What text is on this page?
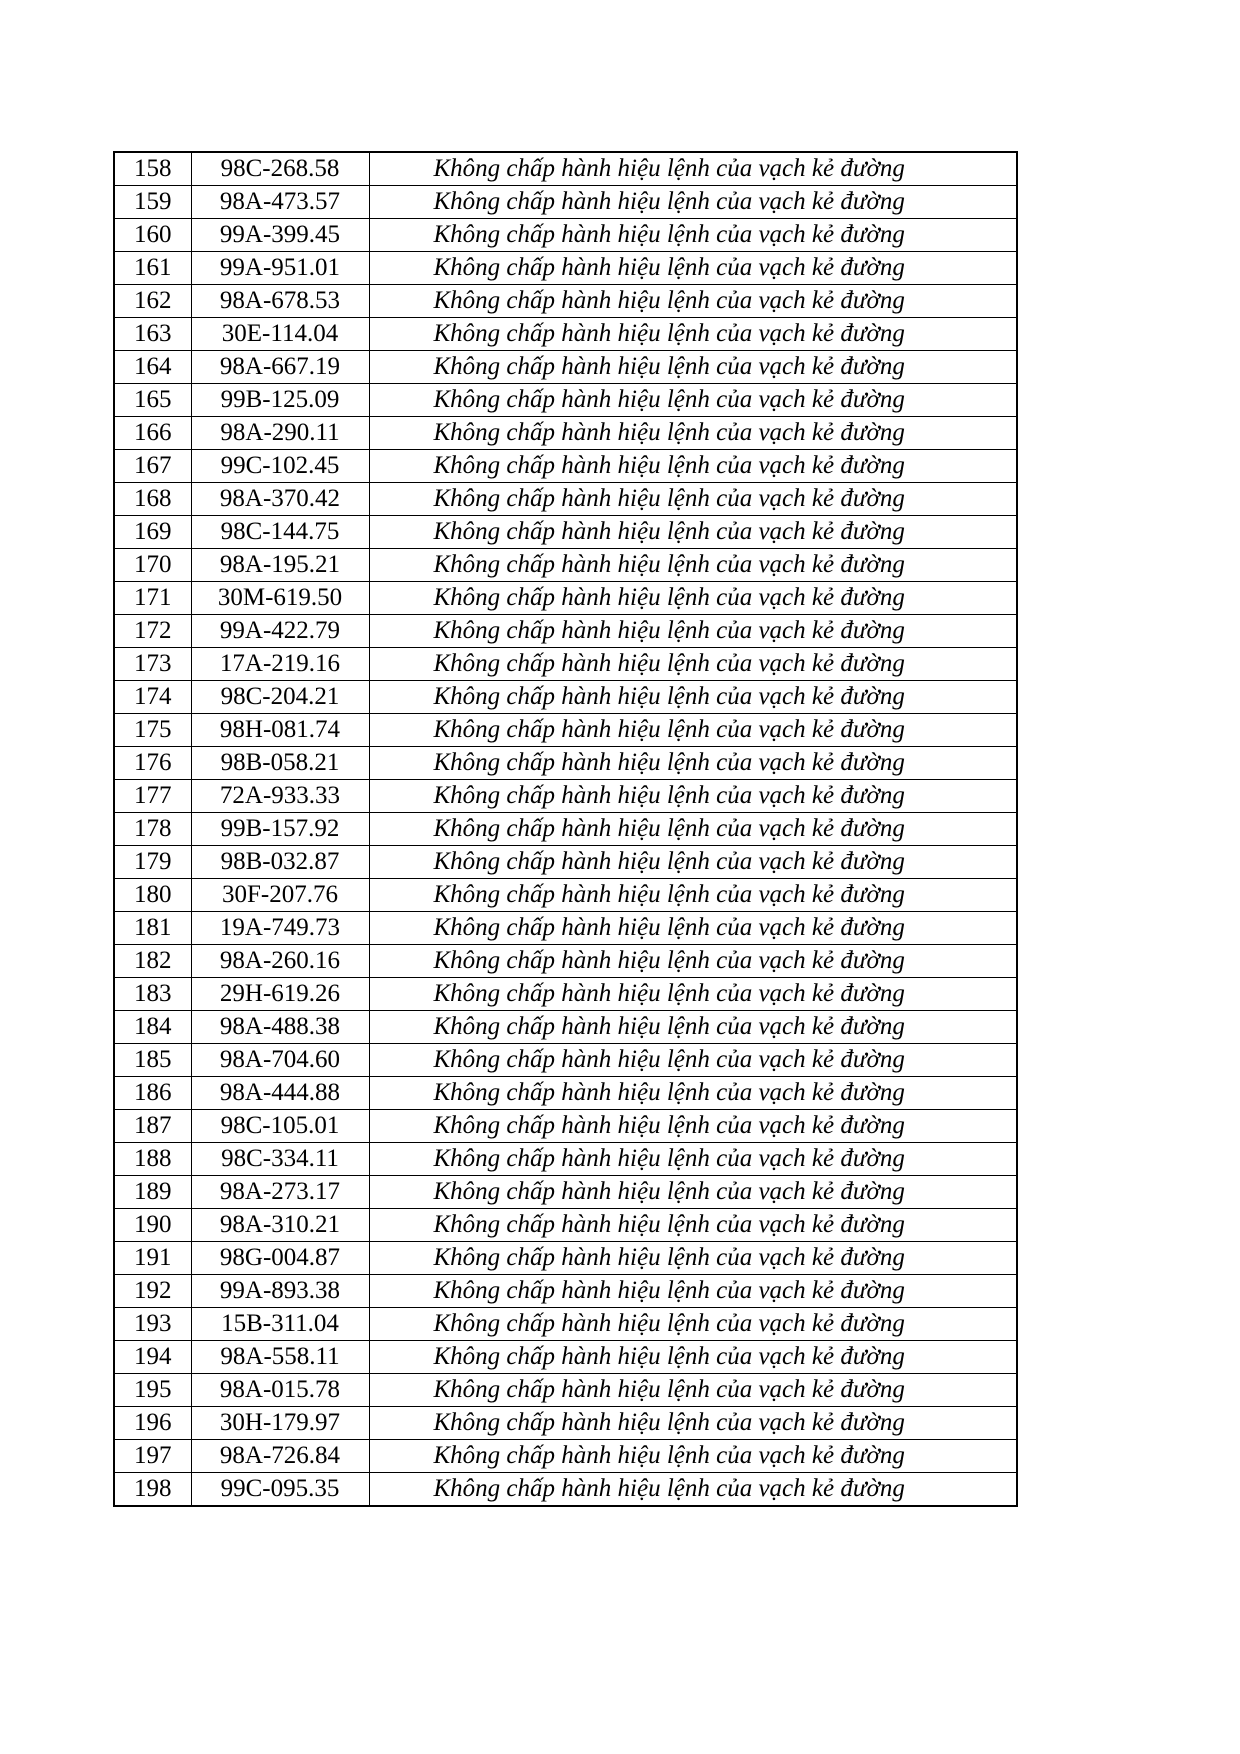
158	98C-268.58	Không chấp hành hiệu lệnh của vạch kẻ đường
159	98A-473.57	Không chấp hành hiệu lệnh của vạch kẻ đường
160	99A-399.45	Không chấp hành hiệu lệnh của vạch kẻ đường
161	99A-951.01	Không chấp hành hiệu lệnh của vạch kẻ đường
162	98A-678.53	Không chấp hành hiệu lệnh của vạch kẻ đường
163	30E-114.04	Không chấp hành hiệu lệnh của vạch kẻ đường
164	98A-667.19	Không chấp hành hiệu lệnh của vạch kẻ đường
165	99B-125.09	Không chấp hành hiệu lệnh của vạch kẻ đường
166	98A-290.11	Không chấp hành hiệu lệnh của vạch kẻ đường
167	99C-102.45	Không chấp hành hiệu lệnh của vạch kẻ đường
168	98A-370.42	Không chấp hành hiệu lệnh của vạch kẻ đường
169	98C-144.75	Không chấp hành hiệu lệnh của vạch kẻ đường
170	98A-195.21	Không chấp hành hiệu lệnh của vạch kẻ đường
171	30M-619.50	Không chấp hành hiệu lệnh của vạch kẻ đường
172	99A-422.79	Không chấp hành hiệu lệnh của vạch kẻ đường
173	17A-219.16	Không chấp hành hiệu lệnh của vạch kẻ đường
174	98C-204.21	Không chấp hành hiệu lệnh của vạch kẻ đường
175	98H-081.74	Không chấp hành hiệu lệnh của vạch kẻ đường
176	98B-058.21	Không chấp hành hiệu lệnh của vạch kẻ đường
177	72A-933.33	Không chấp hành hiệu lệnh của vạch kẻ đường
178	99B-157.92	Không chấp hành hiệu lệnh của vạch kẻ đường
179	98B-032.87	Không chấp hành hiệu lệnh của vạch kẻ đường
180	30F-207.76	Không chấp hành hiệu lệnh của vạch kẻ đường
181	19A-749.73	Không chấp hành hiệu lệnh của vạch kẻ đường
182	98A-260.16	Không chấp hành hiệu lệnh của vạch kẻ đường
183	29H-619.26	Không chấp hành hiệu lệnh của vạch kẻ đường
184	98A-488.38	Không chấp hành hiệu lệnh của vạch kẻ đường
185	98A-704.60	Không chấp hành hiệu lệnh của vạch kẻ đường
186	98A-444.88	Không chấp hành hiệu lệnh của vạch kẻ đường
187	98C-105.01	Không chấp hành hiệu lệnh của vạch kẻ đường
188	98C-334.11	Không chấp hành hiệu lệnh của vạch kẻ đường
189	98A-273.17	Không chấp hành hiệu lệnh của vạch kẻ đường
190	98A-310.21	Không chấp hành hiệu lệnh của vạch kẻ đường
191	98G-004.87	Không chấp hành hiệu lệnh của vạch kẻ đường
192	99A-893.38	Không chấp hành hiệu lệnh của vạch kẻ đường
193	15B-311.04	Không chấp hành hiệu lệnh của vạch kẻ đường
194	98A-558.11	Không chấp hành hiệu lệnh của vạch kẻ đường
195	98A-015.78	Không chấp hành hiệu lệnh của vạch kẻ đường
196	30H-179.97	Không chấp hành hiệu lệnh của vạch kẻ đường
197	98A-726.84	Không chấp hành hiệu lệnh của vạch kẻ đường
198	99C-095.35	Không chấp hành hiệu lệnh của vạch kẻ đường
